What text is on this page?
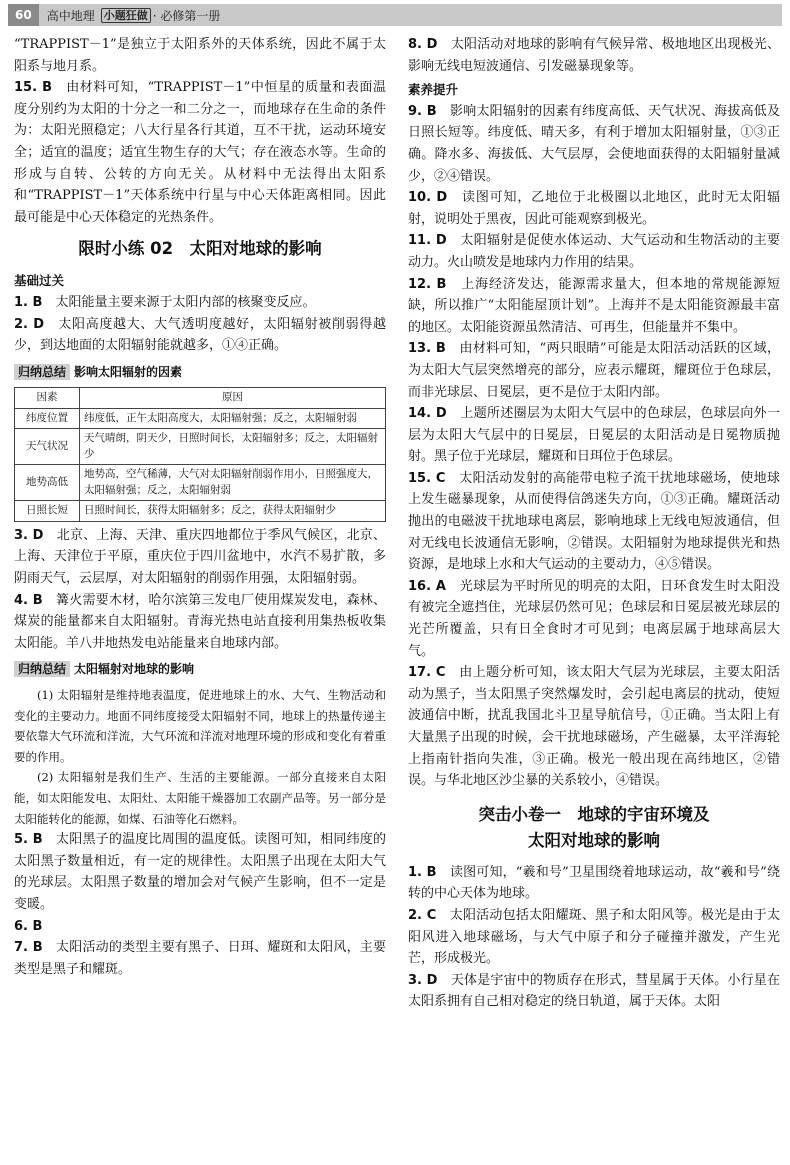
60	高中地理 小题狂做 · 必修第一册

“TRAPPIST－1”是独立于太阳系外的天体系统，因此不属于太阳系与地月系。

15. B　 由材料可知，“TRAPPIST－1”中恒星的质量和表面温度分别约为太阳的十分之一和二分之一，而地球存在生命的条件为：太阳光照稳定；八大行星各行其道，互不干扰，运动环境安全；适宜的温度；适宜生物生存的大气；存在液态水等。生命的形成与自转、公转的方向无关。从材料中无法得出太阳系和“TRAPPIST－1”天体系统中行星与中心天体距离相同。因此最可能是中心天体稳定的光热条件。

限时小练 02　太阳对地球的影响
基础过关

1. B　 太阳能量主要来源于太阳内部的核聚变反应。

2. D　 太阳高度越大、大气透明度越好，太阳辐射被削弱得越少，到达地面的太阳辐射能就越多，①④正确。

归纳总结 影响太阳辐射的因素
因素	原因
纬度位置	纬度低，正午太阳高度大，太阳辐射强；反之，太阳辐射弱
天气状况	天气晴朗，阴天少，日照时间长，太阳辐射多；反之，太阳辐射少
地势高低	地势高，空气稀薄，大气对太阳辐射削弱作用小，日照强度大，太阳辐射强；反之，太阳辐射弱
日照长短	日照时间长，获得太阳辐射多；反之，获得太阳辐射少

3. D　 北京、上海、天津、重庆四地都位于季风气候区，北京、上海、天津位于平原，重庆位于四川盆地中，水汽不易扩散，多阴雨天气，云层厚，对太阳辐射的削弱作用强，太阳辐射弱。

4. B　 篝火需要木材，哈尔滨第三发电厂使用煤炭发电，森林、煤炭的能量都来自太阳辐射。青海光热电站直接利用集热板收集太阳能。羊八井地热发电站能量来自地球内部。

归纳总结 太阳辐射对地球的影响

(1) 太阳辐射是维持地表温度，促进地球上的水、大气、生物活动和变化的主要动力。地面不同纬度接受太阳辐射不同，地球上的热量传递主要依靠大气环流和洋流，大气环流和洋流对地理环境的形成和变化有着重要的作用。

(2) 太阳辐射是我们生产、生活的主要能源。一部分直接来自太阳能，如太阳能发电、太阳灶、太阳能干燥器加工农副产品等。另一部分是太阳能转化的能源，如煤、石油等化石燃料。

5. B　 太阳黑子的温度比周围的温度低。读图可知，相同纬度的太阳黑子数量相近，有一定的规律性。太阳黑子出现在太阳大气的光球层。太阳黑子数量的增加会对气候产生影响，但不一定是变暖。

6. B

7. B　 太阳活动的类型主要有黑子、日珥、耀斑和太阳风，主要类型是黑子和耀斑。

8. D　 太阳活动对地球的影响有气候异常、极地地区出现极光、影响无线电短波通信、引发磁暴现象等。

素养提升

9. B　 影响太阳辐射的因素有纬度高低、天气状况、海拔高低及日照长短等。纬度低、晴天多，有利于增加太阳辐射量，①③正确。降水多、海拔低、大气层厚，会使地面获得的太阳辐射量减少，②④错误。

10. D　 读图可知，乙地位于北极圈以北地区，此时无太阳辐射，说明处于黑夜，因此可能观察到极光。

11. D　 太阳辐射是促使水体运动、大气运动和生物活动的主要动力。火山喷发是地球内力作用的结果。

12. B　 上海经济发达，能源需求量大，但本地的常规能源短缺，所以推广“太阳能屋顶计划”。上海并不是太阳能资源最丰富的地区。太阳能资源虽然清洁、可再生，但能量并不集中。

13. B　 由材料可知，“两只眼睛”可能是太阳活动活跃的区域，为太阳大气层突然增亮的部分，应表示耀斑，耀斑位于色球层，而非光球层、日冕层，更不是位于太阳内部。

14. D　 上题所述圈层为太阳大气层中的色球层，色球层向外一层为太阳大气层中的日冕层，日冕层的太阳活动是日冕物质抛射。黑子位于光球层，耀斑和日珥位于色球层。

15. C　 太阳活动发射的高能带电粒子流干扰地球磁场，使地球上发生磁暴现象，从而使得信鸽迷失方向，①③正确。耀斑活动抛出的电磁波干扰地球电离层，影响地球上无线电短波通信，但对无线电长波通信无影响，②错误。太阳辐射为地球提供光和热资源，是地球上水和大气运动的主要动力，④⑤错误。

16. A　 光球层为平时所见的明亮的太阳，日环食发生时太阳没有被完全遮挡住，光球层仍然可见；色球层和日冕层被光球层的光芒所覆盖，只有日全食时才可见到；电离层属于地球高层大气。

17. C　 由上题分析可知，该太阳大气层为光球层，主要太阳活动为黑子，当太阳黑子突然爆发时，会引起电离层的扰动，使短波通信中断，扰乱我国北斗卫星导航信号，①正确。当太阳上有大量黑子出现的时候，会干扰地球磁场，产生磁暴，太平洋海轮上指南针指向失准，③正确。极光一般出现在高纬地区，②错误。与华北地区沙尘暴的关系较小，④错误。

突击小卷一　地球的宇宙环境及
太阳对地球的影响

1. B　 读图可知，“羲和号”卫星围绕着地球运动，故“羲和号”绕转的中心天体为地球。

2. C　 太阳活动包括太阳耀斑、黑子和太阳风等。极光是由于太阳风进入地球磁场，与大气中原子和分子碰撞并激发，产生光芒，形成极光。

3. D　 天体是宇宙中的物质存在形式，彗星属于天体。小行星在太阳系拥有自己相对稳定的绕日轨道，属于天体。太阳
